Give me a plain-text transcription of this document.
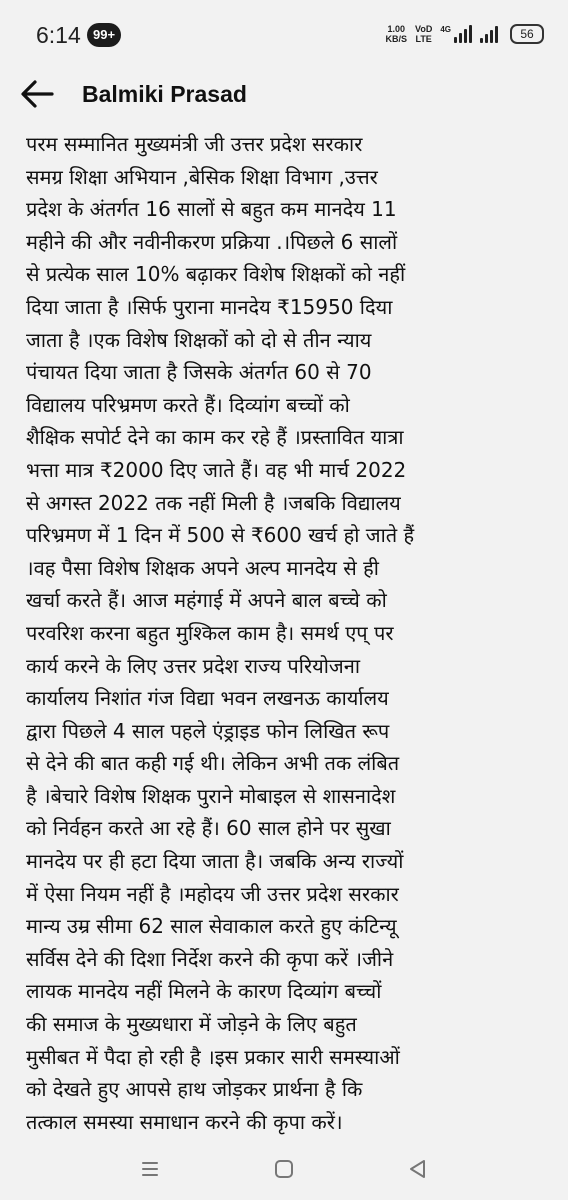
6:14 99+	1.00
KB/S
VoD
LTE
4G	56
Balmiki Prasad
परम सम्मानित मुख्यमंत्री जी उत्तर प्रदेश सरकार
समग्र शिक्षा अभियान ,बेसिक शिक्षा विभाग ,उत्तर
प्रदेश के अंतर्गत 16 सालों से बहुत कम मानदेय 11
महीने की और नवीनीकरण प्रक्रिया .।पिछले 6 सालों
से प्रत्येक साल 10% बढ़ाकर विशेष शिक्षकों को नहीं
दिया जाता है ।सिर्फ पुराना मानदेय ₹15950 दिया
जाता है ।एक विशेष शिक्षकों को दो से तीन न्याय
पंचायत दिया जाता है जिसके अंतर्गत 60 से 70
विद्यालय परिभ्रमण करते हैं। दिव्यांग बच्चों को
शैक्षिक सपोर्ट देने का काम कर रहे हैं ।प्रस्तावित यात्रा
भत्ता मात्र ₹2000 दिए जाते हैं। वह भी मार्च 2022
से अगस्त 2022 तक नहीं मिली है ।जबकि विद्यालय
परिभ्रमण में 1 दिन में 500 से ₹600 खर्च हो जाते हैं
।वह पैसा विशेष शिक्षक अपने अल्प मानदेय से ही
खर्चा करते हैं। आज महंगाई में अपने बाल बच्चे को
परवरिश करना बहुत मुश्किल काम है। समर्थ एप् पर
कार्य करने के लिए उत्तर प्रदेश राज्य परियोजना
कार्यालय निशांत गंज विद्या भवन लखनऊ कार्यालय
द्वारा पिछले 4 साल पहले एंड्राइड फोन लिखित रूप
से देने की बात कही गई थी। लेकिन अभी तक लंबित
है ।बेचारे विशेष शिक्षक पुराने मोबाइल से शासनादेश
को निर्वहन करते आ रहे हैं। 60 साल होने पर सुखा
मानदेय पर ही हटा दिया जाता है। जबकि अन्य राज्यों
में ऐसा नियम नहीं है ।महोदय जी उत्तर प्रदेश सरकार
मान्य उम्र सीमा 62 साल सेवाकाल करते हुए कंटिन्यू
सर्विस देने की दिशा निर्देश करने की कृपा करें ।जीने
लायक मानदेय नहीं मिलने के कारण दिव्यांग बच्चों
की समाज के मुख्यधारा में जोड़ने के लिए बहुत
मुसीबत में पैदा हो रही है ।इस प्रकार सारी समस्याओं
को देखते हुए आपसे हाथ जोड़कर प्रार्थना है कि
तत्काल समस्या समाधान करने की कृपा करें।
